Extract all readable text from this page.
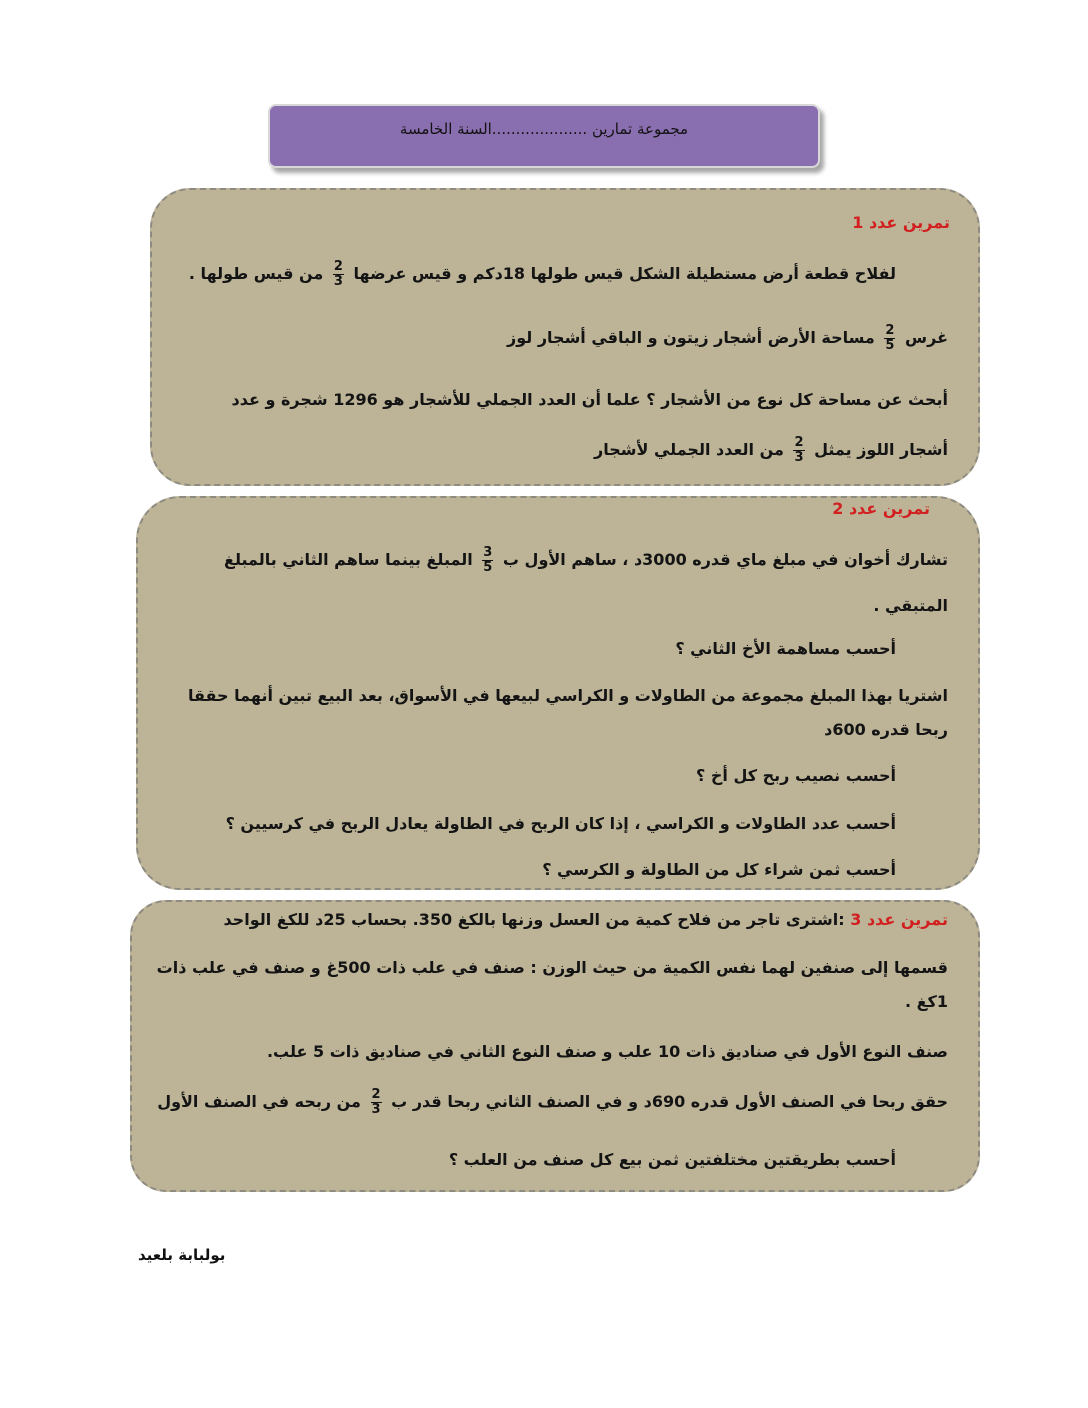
مجموعة تمارين ....................السنة الخامسة
تمرين عدد 1
لفلاح قطعة أرض مستطيلة الشكل قيس طولها 18دكم و قيس عرضها
$\frac{2}{3}$
من قيس طولها .
غرس
$\frac{2}{5}$
مساحة الأرض أشجار زيتون و الباقي أشجار لوز
أبحث عن مساحة كل نوع من الأشجار ؟ علما أن العدد الجملي للأشجار هو 1296 شجرة و عدد
أشجار اللوز يمثل
$\frac{2}{3}$
من العدد الجملي لأشجار
تمرين عدد 2
تشارك أخوان في مبلغ ماي قدره 3000د ، ساهم الأول ب
$\frac{3}{5}$
المبلغ بينما ساهم الثاني بالمبلغ
المتبقي .
أحسب مساهمة الأخ الثاني ؟
اشتريا بهذا المبلغ مجموعة من الطاولات و الكراسي لبيعها في الأسواق، بعد البيع تبين أنهما حققا
ربحا قدره 600د
أحسب نصيب ربح كل أخ ؟
أحسب عدد الطاولات و الكراسي ، إذا كان الربح في الطاولة يعادل الربح في كرسيين ؟
أحسب ثمن شراء كل من الطاولة و الكرسي ؟
تمرين عدد 3 :اشترى تاجر من فلاح كمية من العسل وزنها بالكغ 350. بحساب 25د للكغ الواحد
قسمها إلى صنفين لهما نفس الكمية من حيث الوزن : صنف في علب ذات 500غ و صنف في علب ذات
1كغ .
صنف النوع الأول في صناديق ذات 10 علب و صنف النوع الثاني في صناديق ذات 5 علب.
حقق ربحا في الصنف الأول قدره 690د و في الصنف الثاني ربحا قدر ب
$\frac{2}{3}$
من ربحه في الصنف الأول
أحسب بطريقتين مختلفتين ثمن بيع كل صنف من العلب ؟
بولبابة بلعيد
